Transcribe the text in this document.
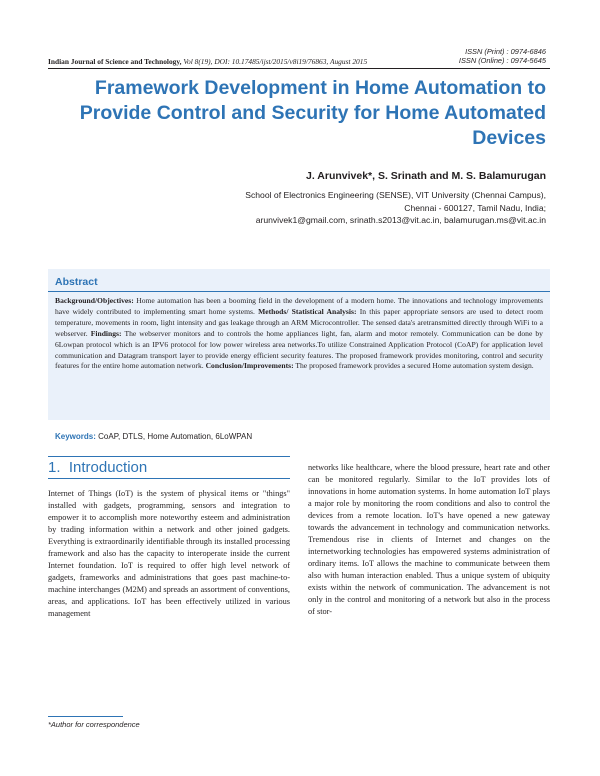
ISSN (Print) : 0974-6846
ISSN (Online) : 0974-5645
Indian Journal of Science and Technology, Vol 8(19), DOI: 10.17485/ijst/2015/v8i19/76863, August 2015
Framework Development in Home Automation to Provide Control and Security for Home Automated Devices
J. Arunvivek*, S. Srinath and M. S. Balamurugan
School of Electronics Engineering (SENSE), VIT University (Chennai Campus),
Chennai - 600127, Tamil Nadu, India;
arunvivek1@gmail.com, srinath.s2013@vit.ac.in, balamurugan.ms@vit.ac.in
Abstract
Background/Objectives: Home automation has been a booming field in the development of a modern home. The innovations and technology improvements have widely contributed to implementing smart home systems. Methods/ Statistical Analysis: In this paper appropriate sensors are used to detect room temperature, movements in room, light intensity and gas leakage through an ARM Microcontroller. The sensed data's aretransmitted directly through WiFi to a webserver. Findings: The webserver monitors and to controls the home appliances light, fan, alarm and motor remotely. Communication can be done by 6Lowpan protocol which is an IPV6 protocol for low power wireless area networks.To utilize Constrained Application Protocol (CoAP) for application level communication and Datagram transport layer to provide energy efficient security features. The proposed framework provides monitoring, control and security features for the entire home automation network. Conclusion/Improvements: The proposed framework provides a secured Home automation system design.
Keywords: CoAP, DTLS, Home Automation, 6LoWPAN
1. Introduction
Internet of Things (IoT) is the system of physical items or "things" installed with gadgets, programming, sensors and integration to empower it to accomplish more noteworthy esteem and administration by trading information within a network and other joined gadgets. Everything is extraordinarily identifiable through its installed processing framework and also has the capacity to interoperate inside the current Internet foundation. IoT is required to offer high level network of gadgets, frameworks and administrations that goes past machine-to-machine interchanges (M2M) and spreads an assortment of conventions, areas, and applications. IoT has been effectively utilized in various management
networks like healthcare, where the blood pressure, heart rate and other can be monitored regularly. Similar to the IoT provides lots of innovations in home automation systems. In home automation IoT plays a major role by monitoring the room conditions and also to control the devices from a remote location. IoT's have opened a new gateway towards the advancement in technology and communication networks. Tremendous rise in clients of Internet and changes on the internetworking technologies has empowered systems administration of ordinary items. IoT allows the machine to communicate between them also with human interaction enabled. Thus a unique system of ubiquity exists within the network of communication. The advancement is not only in the control and monitoring of a network but also in the process of stor-
*Author for correspondence
